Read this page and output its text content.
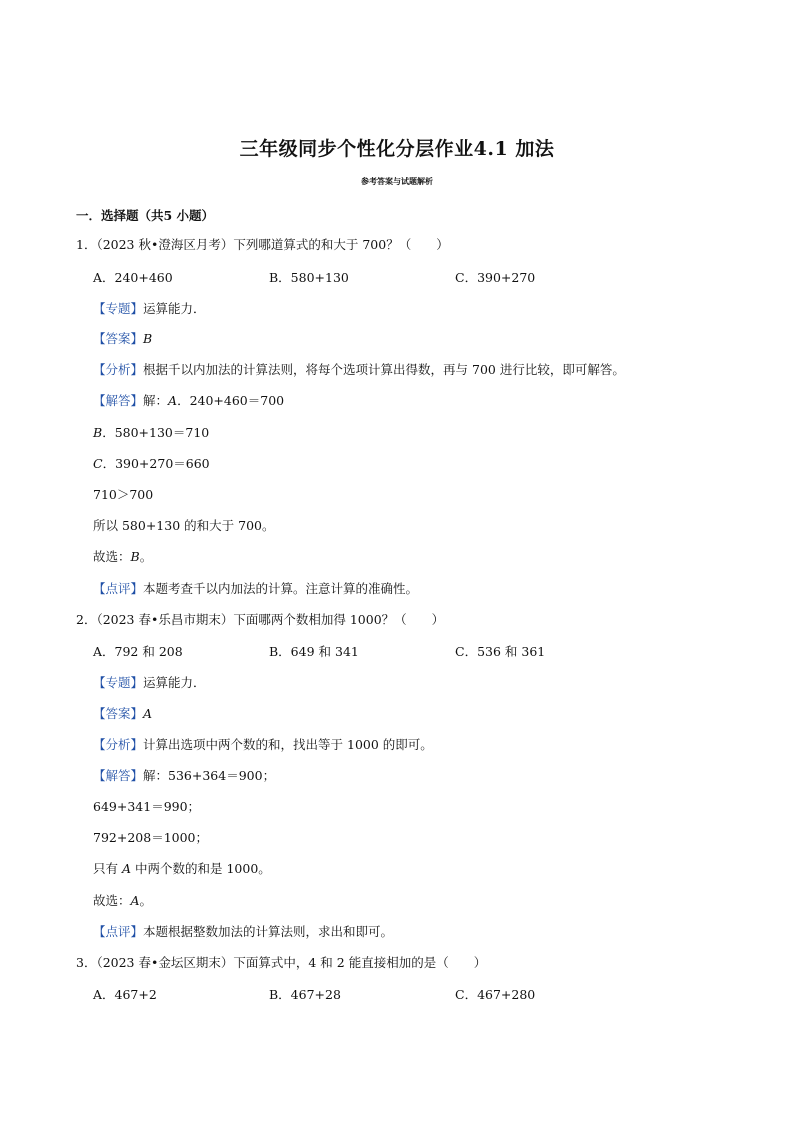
三年级同步个性化分层作业4.1 加法
参考答案与试题解析
一．选择题（共5 小题）
1．（2023 秋•澄海区月考）下列哪道算式的和大于 700？（　　）
A．240+460	B．580+130	C．390+270
【专题】运算能力．
【答案】B
【分析】根据千以内加法的计算法则，将每个选项计算出得数，再与 700 进行比较，即可解答。
【解答】解：A．240+460＝700
B．580+130＝710
C．390+270＝660
710＞700
所以 580+130 的和大于 700。
故选：B。
【点评】本题考查千以内加法的计算。注意计算的准确性。
2．（2023 春•乐昌市期末）下面哪两个数相加得 1000？（　　）
A．792 和 208	B．649 和 341	C．536 和 361
【专题】运算能力．
【答案】A
【分析】计算出选项中两个数的和，找出等于 1000 的即可。
【解答】解：536+364＝900；
649+341＝990；
792+208＝1000；
只有 A 中两个数的和是 1000。
故选：A。
【点评】本题根据整数加法的计算法则，求出和即可。
3．（2023 春•金坛区期末）下面算式中，4 和 2 能直接相加的是（　　）
A．467+2	B．467+28	C．467+280
